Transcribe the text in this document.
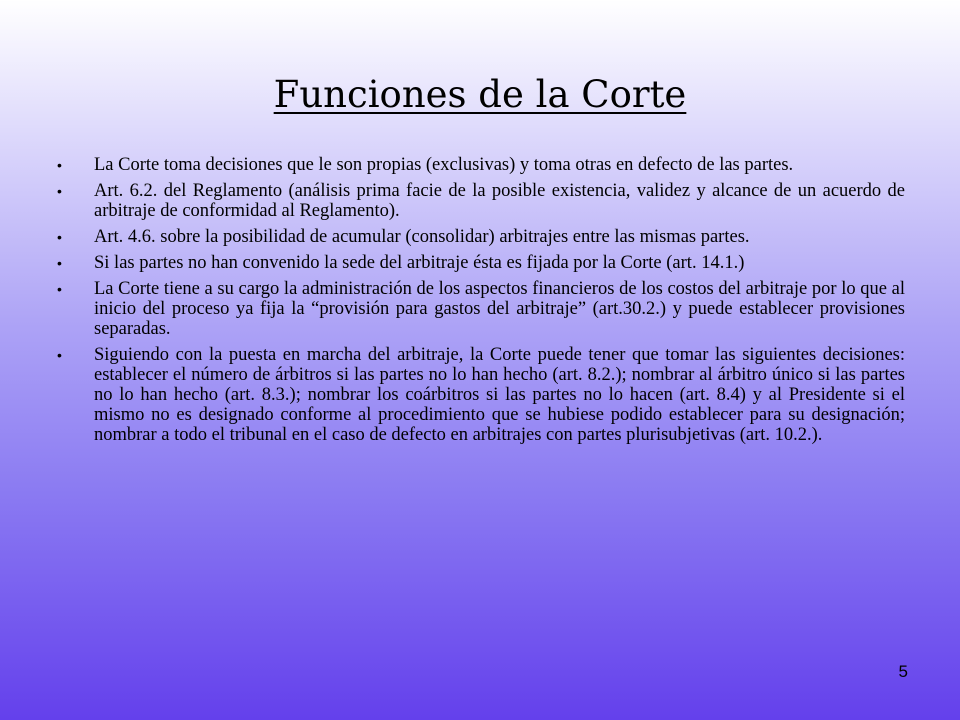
Funciones de la Corte
•	La Corte toma decisiones que le son propias (exclusivas) y toma otras en defecto de las partes.
•	Art. 6.2. del Reglamento (análisis prima facie de la posible existencia, validez y alcance de un acuerdo de arbitraje de conformidad al Reglamento).
•	Art. 4.6. sobre la posibilidad de acumular (consolidar) arbitrajes entre las mismas partes.
•	Si las partes no han convenido la sede del arbitraje ésta es fijada por la Corte (art. 14.1.)
•	La Corte tiene a su cargo la administración de los aspectos financieros de los costos del arbitraje por lo que al inicio del proceso ya fija la “provisión para gastos del arbitraje” (art.30.2.) y puede establecer provisiones separadas.
•	Siguiendo con la puesta en marcha del arbitraje, la Corte puede tener que tomar las siguientes decisiones: establecer el número de árbitros si las partes no lo han hecho (art. 8.2.); nombrar al árbitro único si las partes no lo han hecho (art. 8.3.); nombrar los coárbitros si las partes no lo hacen (art. 8.4) y al Presidente si el mismo no es designado conforme al procedimiento que se hubiese podido establecer para su designación; nombrar a todo el tribunal en el caso de defecto en arbitrajes con partes plurisubjetivas (art. 10.2.).
5
